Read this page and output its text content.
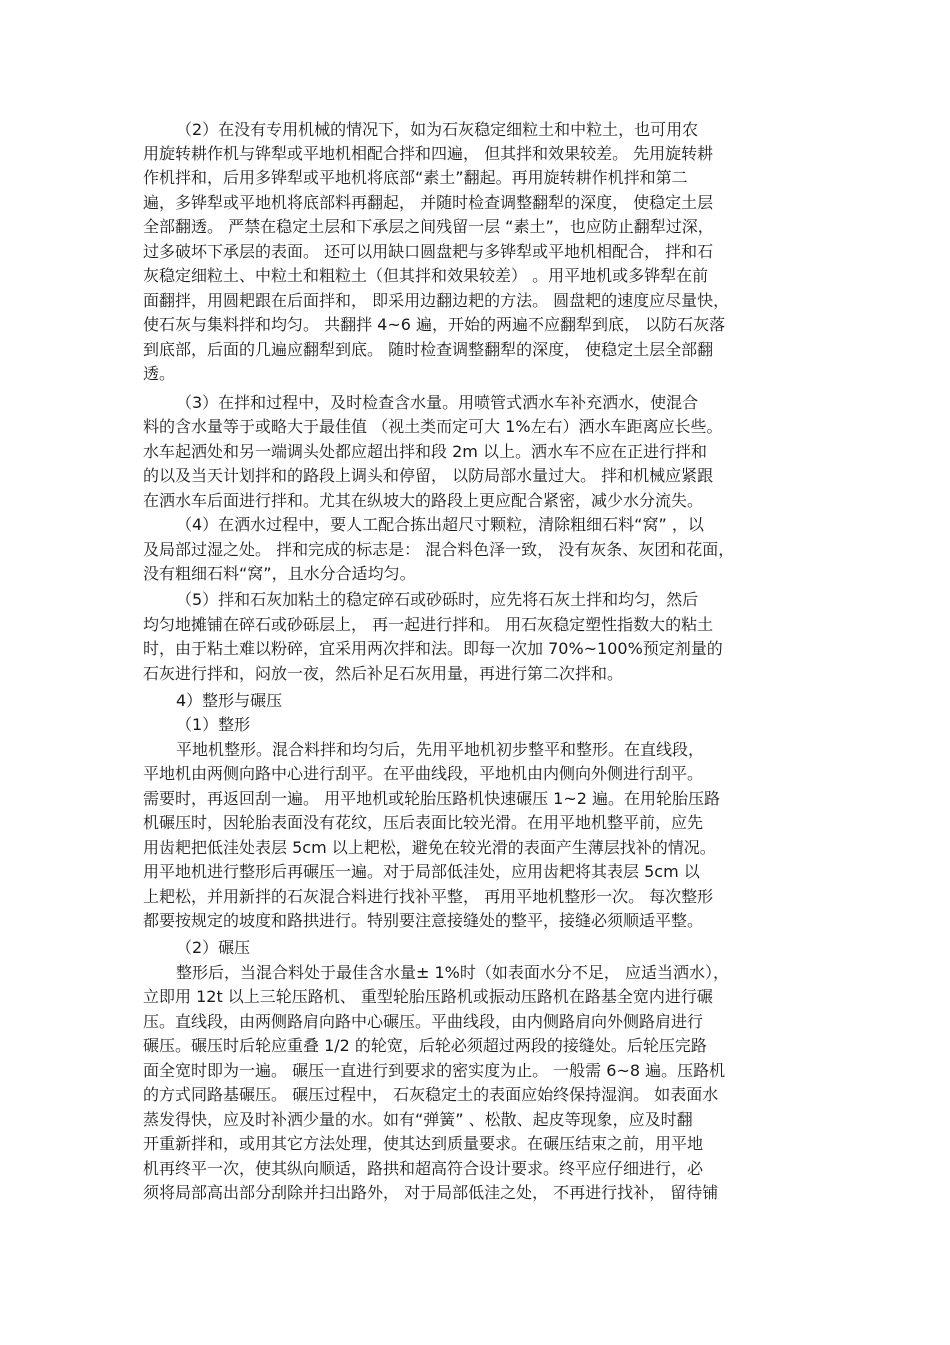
（2）在没有专用机械的情况下，如为石灰稳定细粒土和中粒土，也可用农
用旋转耕作机与铧犁或平地机相配合拌和四遍， 但其拌和效果较差。 先用旋转耕
作机拌和，后用多铧犁或平地机将底部“素土”翻起。再用旋转耕作机拌和第二
遍，多铧犁或平地机将底部料再翻起， 并随时检查调整翻犁的深度， 使稳定土层
全部翻透。 严禁在稳定土层和下承层之间残留一层 “素土”，也应防止翻犁过深，
过多破坏下承层的表面。 还可以用缺口圆盘耙与多铧犁或平地机相配合， 拌和石
灰稳定细粒土、中粒土和粗粒土（但其拌和效果较差） 。用平地机或多铧犁在前
面翻拌，用圆耙跟在后面拌和， 即采用边翻边耙的方法。 圆盘耙的速度应尽量快，
使石灰与集料拌和均匀。 共翻拌 4~6 遍，开始的两遍不应翻犁到底， 以防石灰落
到底部，后面的几遍应翻犁到底。 随时检查调整翻犁的深度， 使稳定土层全部翻
透。
（3）在拌和过程中，及时检查含水量。用喷管式洒水车补充洒水，使混合
料的含水量等于或略大于最佳值 （视土类而定可大 1%左右）洒水车距离应长些。
水车起洒处和另一端调头处都应超出拌和段 2m 以上。洒水车不应在正进行拌和
的以及当天计划拌和的路段上调头和停留， 以防局部水量过大。 拌和机械应紧跟
在洒水车后面进行拌和。尤其在纵坡大的路段上更应配合紧密，减少水分流失。
（4）在洒水过程中，要人工配合拣出超尺寸颗粒，清除粗细石料“窝” ，以
及局部过湿之处。 拌和完成的标志是： 混合料色泽一致， 没有灰条、灰团和花面，
没有粗细石料“窝”，且水分合适均匀。
（5）拌和石灰加粘土的稳定碎石或砂砾时，应先将石灰土拌和均匀，然后
均匀地摊铺在碎石或砂砾层上， 再一起进行拌和。 用石灰稳定塑性指数大的粘土
时，由于粘土难以粉碎，宜采用两次拌和法。即每一次加 70%~100%预定剂量的
石灰进行拌和，闷放一夜，然后补足石灰用量，再进行第二次拌和。
4）整形与碾压
（1）整形
平地机整形。混合料拌和均匀后，先用平地机初步整平和整形。在直线段，
平地机由两侧向路中心进行刮平。在平曲线段，平地机由内侧向外侧进行刮平。
需要时，再返回刮一遍。 用平地机或轮胎压路机快速碾压 1~2 遍。在用轮胎压路
机碾压时，因轮胎表面没有花纹，压后表面比较光滑。在用平地机整平前，应先
用齿耙把低洼处表层 5cm 以上耙松，避免在较光滑的表面产生薄层找补的情况。
用平地机进行整形后再碾压一遍。对于局部低洼处，应用齿耙将其表层 5cm 以
上耙松，并用新拌的石灰混合料进行找补平整， 再用平地机整形一次。 每次整形
都要按规定的坡度和路拱进行。特别要注意接缝处的整平，接缝必须顺适平整。
（2）碾压
整形后，当混合料处于最佳含水量± 1%时（如表面水分不足， 应适当洒水），
立即用 12t 以上三轮压路机、 重型轮胎压路机或振动压路机在路基全宽内进行碾
压。直线段，由两侧路肩向路中心碾压。平曲线段，由内侧路肩向外侧路肩进行
碾压。碾压时后轮应重叠 1/2 的轮宽，后轮必须超过两段的接缝处。后轮压完路
面全宽时即为一遍。 碾压一直进行到要求的密实度为止。 一般需 6~8 遍。压路机
的方式同路基碾压。 碾压过程中， 石灰稳定土的表面应始终保持湿润。 如表面水
蒸发得快，应及时补洒少量的水。如有“弹簧” 、松散、起皮等现象，应及时翻
开重新拌和，或用其它方法处理，使其达到质量要求。在碾压结束之前，用平地
机再终平一次，使其纵向顺适，路拱和超高符合设计要求。终平应仔细进行，必
须将局部高出部分刮除并扫出路外， 对于局部低洼之处， 不再进行找补， 留待铺
